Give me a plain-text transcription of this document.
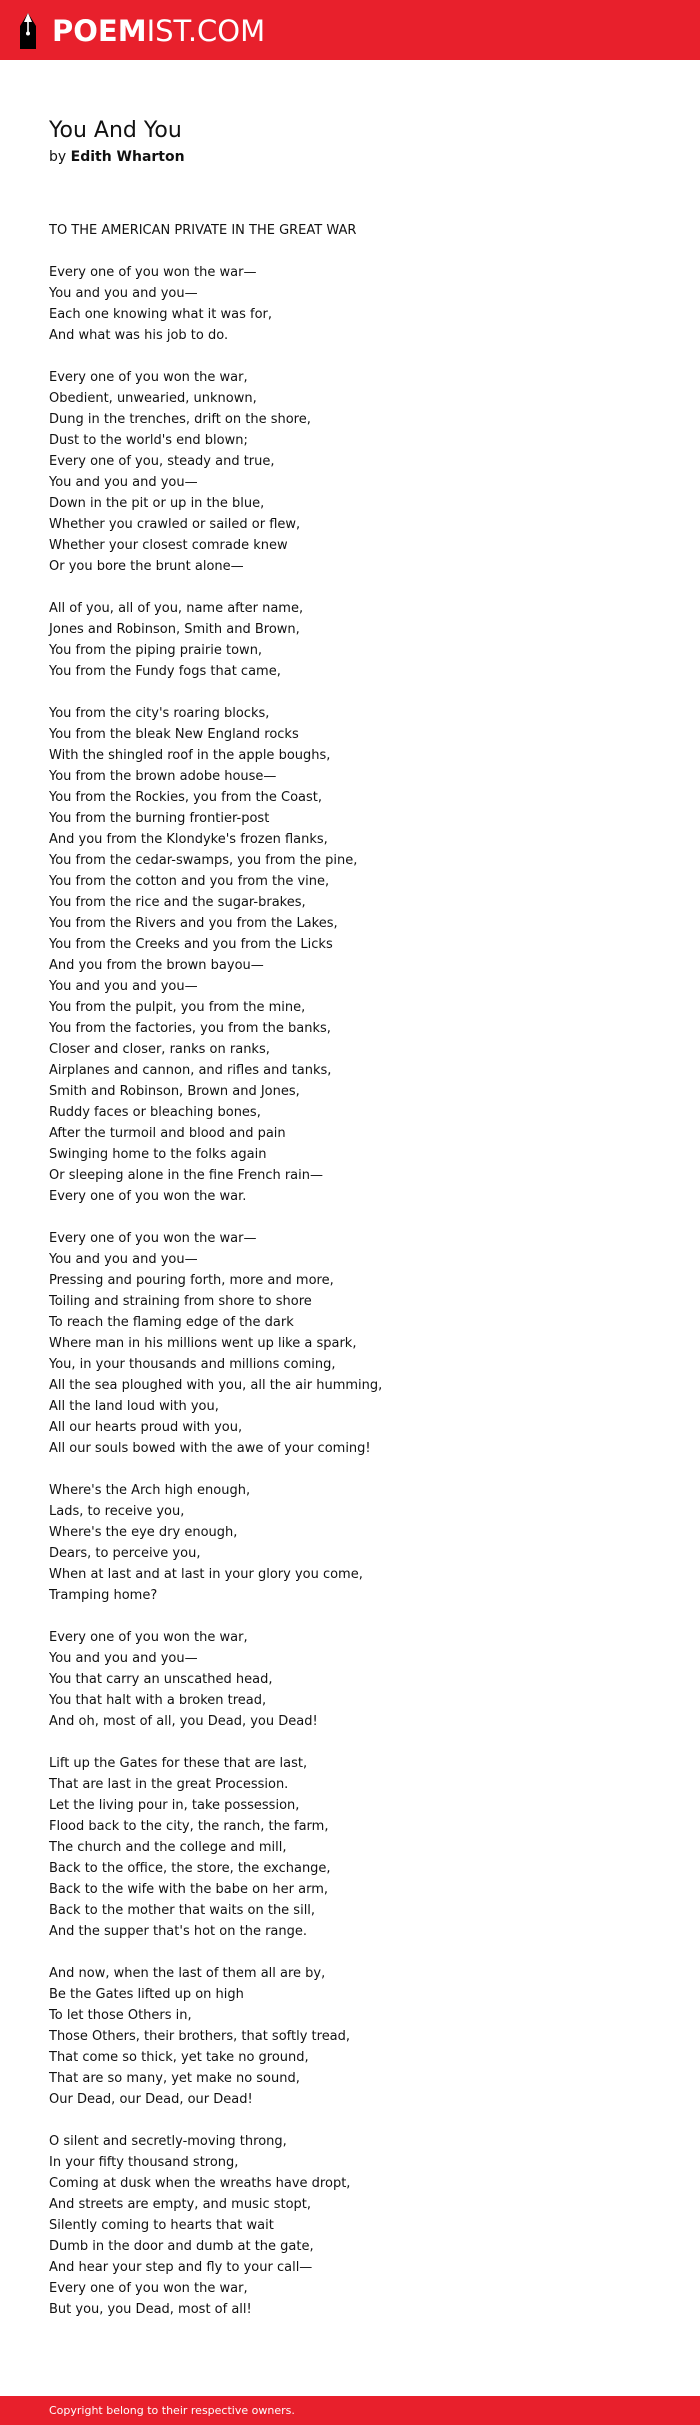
POEMIST.COM
You And You
by Edith Wharton
TO THE AMERICAN PRIVATE IN THE GREAT WAR
Every one of you won the war—
You and you and you—
Each one knowing what it was for,
And what was his job to do.
Every one of you won the war,
Obedient, unwearied, unknown,
Dung in the trenches, drift on the shore,
Dust to the world's end blown;
Every one of you, steady and true,
You and you and you—
Down in the pit or up in the blue,
Whether you crawled or sailed or flew,
Whether your closest comrade knew
Or you bore the brunt alone—
All of you, all of you, name after name,
Jones and Robinson, Smith and Brown,
You from the piping prairie town,
You from the Fundy fogs that came,
You from the city's roaring blocks,
You from the bleak New England rocks
With the shingled roof in the apple boughs,
You from the brown adobe house—
You from the Rockies, you from the Coast,
You from the burning frontier-post
And you from the Klondyke's frozen flanks,
You from the cedar-swamps, you from the pine,
You from the cotton and you from the vine,
You from the rice and the sugar-brakes,
You from the Rivers and you from the Lakes,
You from the Creeks and you from the Licks
And you from the brown bayou—
You and you and you—
You from the pulpit, you from the mine,
You from the factories, you from the banks,
Closer and closer, ranks on ranks,
Airplanes and cannon, and rifles and tanks,
Smith and Robinson, Brown and Jones,
Ruddy faces or bleaching bones,
After the turmoil and blood and pain
Swinging home to the folks again
Or sleeping alone in the fine French rain—
Every one of you won the war.
Every one of you won the war—
You and you and you—
Pressing and pouring forth, more and more,
Toiling and straining from shore to shore
To reach the flaming edge of the dark
Where man in his millions went up like a spark,
You, in your thousands and millions coming,
All the sea ploughed with you, all the air humming,
All the land loud with you,
All our hearts proud with you,
All our souls bowed with the awe of your coming!
Where's the Arch high enough,
Lads, to receive you,
Where's the eye dry enough,
Dears, to perceive you,
When at last and at last in your glory you come,
Tramping home?
Every one of you won the war,
You and you and you—
You that carry an unscathed head,
You that halt with a broken tread,
And oh, most of all, you Dead, you Dead!
Lift up the Gates for these that are last,
That are last in the great Procession.
Let the living pour in, take possession,
Flood back to the city, the ranch, the farm,
The church and the college and mill,
Back to the office, the store, the exchange,
Back to the wife with the babe on her arm,
Back to the mother that waits on the sill,
And the supper that's hot on the range.
And now, when the last of them all are by,
Be the Gates lifted up on high
To let those Others in,
Those Others, their brothers, that softly tread,
That come so thick, yet take no ground,
That are so many, yet make no sound,
Our Dead, our Dead, our Dead!
O silent and secretly-moving throng,
In your fifty thousand strong,
Coming at dusk when the wreaths have dropt,
And streets are empty, and music stopt,
Silently coming to hearts that wait
Dumb in the door and dumb at the gate,
And hear your step and fly to your call—
Every one of you won the war,
But you, you Dead, most of all!
Copyright belong to their respective owners.
